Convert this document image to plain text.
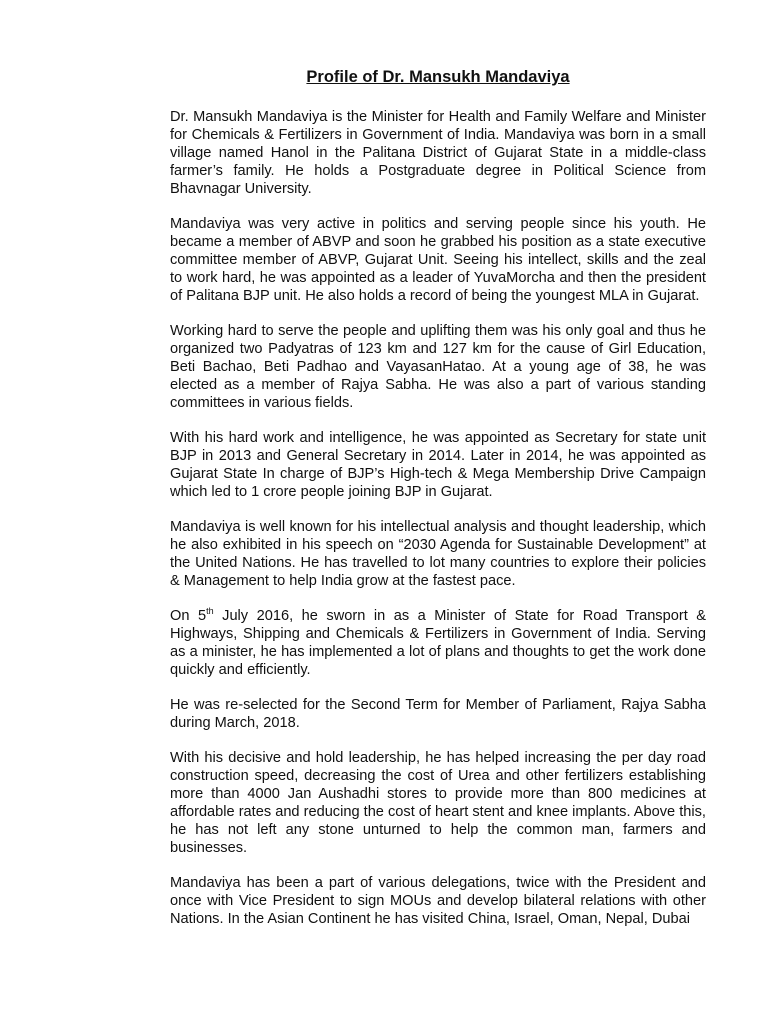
Profile of Dr. Mansukh Mandaviya

Dr. Mansukh Mandaviya is the Minister for Health and Family Welfare and Minister for Chemicals & Fertilizers in Government of India. Mandaviya was born in a small village named Hanol in the Palitana District of Gujarat State in a middle-class farmer’s family. He holds a Postgraduate degree in Political Science from Bhavnagar University.

Mandaviya was very active in politics and serving people since his youth. He became a member of ABVP and soon he grabbed his position as a state executive committee member of ABVP, Gujarat Unit. Seeing his intellect, skills and the zeal to work hard, he was appointed as a leader of YuvaMorcha and then the president of Palitana BJP unit. He also holds a record of being the youngest MLA in Gujarat.

Working hard to serve the people and uplifting them was his only goal and thus he organized two Padyatras of 123 km and 127 km for the cause of Girl Education, Beti Bachao, Beti Padhao and VayasanHatao. At a young age of 38, he was elected as a member of Rajya Sabha. He was also a part of various standing committees in various fields.

With his hard work and intelligence, he was appointed as Secretary for state unit BJP in 2013 and General Secretary in 2014. Later in 2014, he was appointed as Gujarat State In charge of BJP’s High-tech & Mega Membership Drive Campaign which led to 1 crore people joining BJP in Gujarat.

Mandaviya is well known for his intellectual analysis and thought leadership, which he also exhibited in his speech on “2030 Agenda for Sustainable Development” at the United Nations. He has travelled to lot many countries to explore their policies & Management to help India grow at the fastest pace.

On 5th July 2016, he sworn in as a Minister of State for Road Transport & Highways, Shipping and Chemicals & Fertilizers in Government of India. Serving as a minister, he has implemented a lot of plans and thoughts to get the work done quickly and efficiently.

He was re-selected for the Second Term for Member of Parliament, Rajya Sabha during March, 2018.

With his decisive and hold leadership, he has helped increasing the per day road construction speed, decreasing the cost of Urea and other fertilizers establishing more than 4000 Jan Aushadhi stores to provide more than 800 medicines at affordable rates and reducing the cost of heart stent and knee implants. Above this, he has not left any stone unturned to help the common man, farmers and businesses.

Mandaviya has been a part of various delegations, twice with the President and once with Vice President to sign MOUs and develop bilateral relations with other Nations. In the Asian Continent he has visited China, Israel, Oman, Nepal, Dubai
